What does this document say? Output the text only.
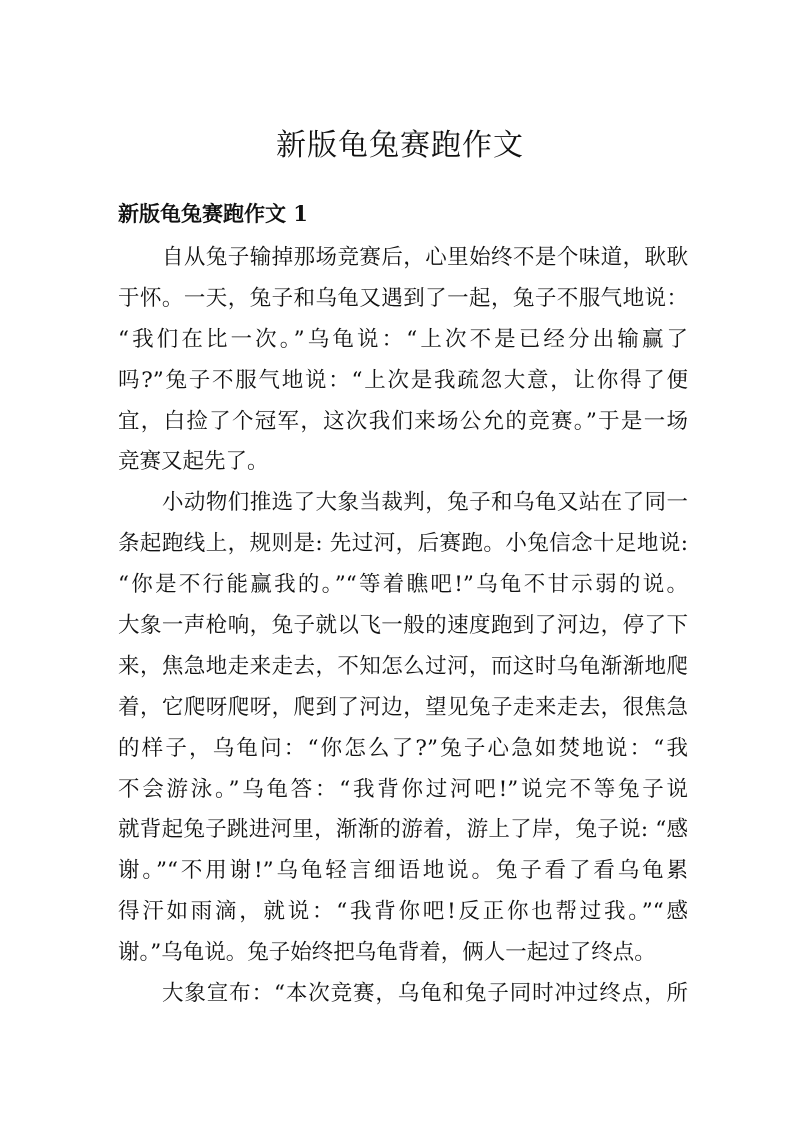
新版龟兔赛跑作文
新版龟兔赛跑作文 1

自从兔子输掉那场竞赛后，心里始终不是个味道，耿耿
于怀。一天，兔子和乌龟又遇到了一起，兔子不服气地说：
“我们在比一次。”乌龟说：“上次不是已经分出输赢了
吗?”兔子不服气地说：“上次是我疏忽大意，让你得了便
宜，白捡了个冠军，这次我们来场公允的竞赛。”于是一场
竞赛又起先了。

小动物们推选了大象当裁判，兔子和乌龟又站在了同一
条起跑线上，规则是: 先过河，后赛跑。小兔信念十足地说:
“你是不行能赢我的。”“等着瞧吧!”乌龟不甘示弱的说。
大象一声枪响，兔子就以飞一般的速度跑到了河边，停了下
来，焦急地走来走去，不知怎么过河，而这时乌龟渐渐地爬
着，它爬呀爬呀，爬到了河边，望见兔子走来走去，很焦急
的样子，乌龟问：“你怎么了?”兔子心急如焚地说：“我
不会游泳。”乌龟答：“我背你过河吧!”说完不等兔子说
就背起兔子跳进河里，渐渐的游着，游上了岸，兔子说: “感
谢。”“不用谢!”乌龟轻言细语地说。兔子看了看乌龟累
得汗如雨滴，就说：“我背你吧!反正你也帮过我。”“感
谢。”乌龟说。兔子始终把乌龟背着，俩人一起过了终点。

大象宣布：“本次竞赛，乌龟和兔子同时冲过终点，所
